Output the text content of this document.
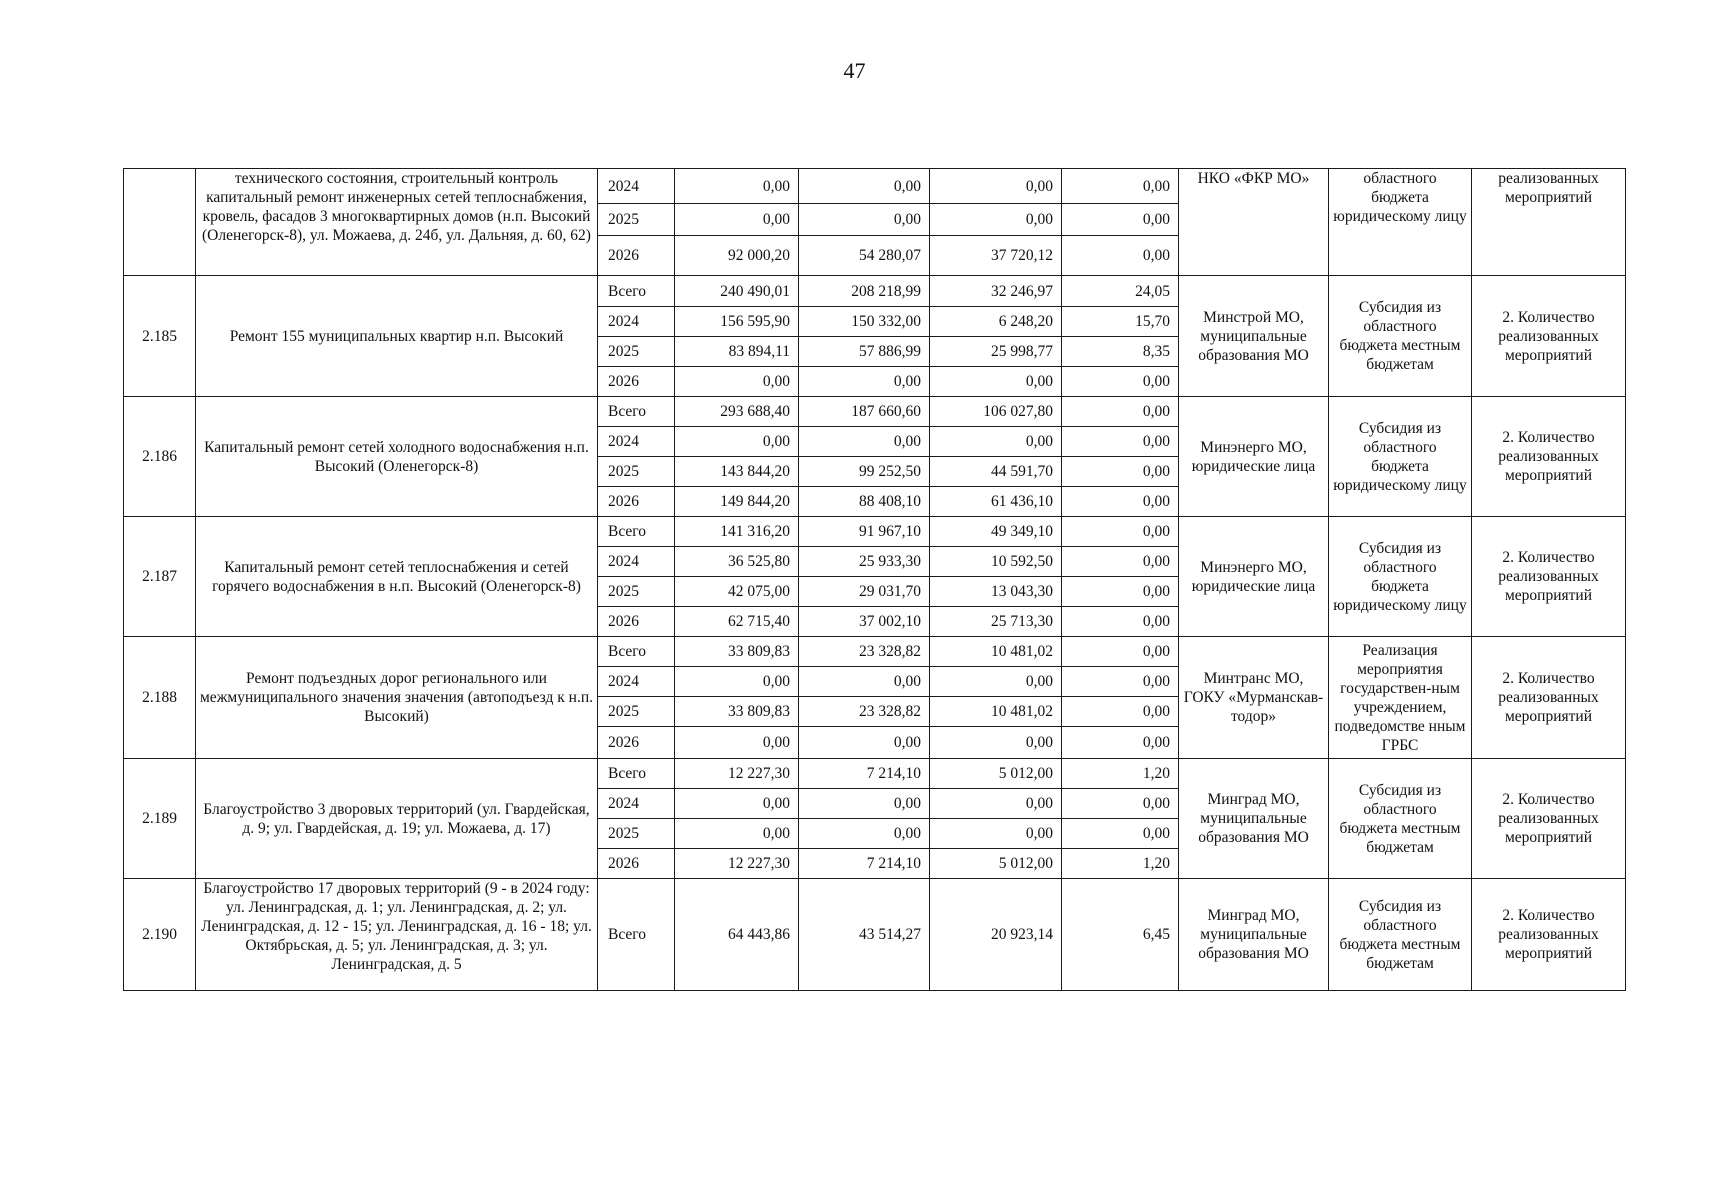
47
	технического состояния, строительный контроль капитальный ремонт инженерных сетей теплоснабжения, кровель, фасадов 3 многоквартирных домов (н.п. Высокий (Оленегорск-8), ул. Можаева, д. 24б, ул. Дальняя, д. 60, 62)	2024	0,00	0,00	0,00	0,00	НКО «ФКР МО»	областного бюджета юридическому лицу	реализованных мероприятий
		2025	0,00	0,00	0,00	0,00			
		2026	92 000,20	54 280,07	37 720,12	0,00			
2.185	Ремонт 155 муниципальных квартир н.п. Высокий	Всего	240 490,01	208 218,99	32 246,97	24,05	Минстрой МО, муниципальные образования МО	Субсидия из областного бюджета местным бюджетам	2. Количество реализованных мероприятий
		2024	156 595,90	150 332,00	6 248,20	15,70			
		2025	83 894,11	57 886,99	25 998,77	8,35			
		2026	0,00	0,00	0,00	0,00			
2.186	Капитальный ремонт сетей холодного водоснабжения н.п. Высокий (Оленегорск-8)	Всего	293 688,40	187 660,60	106 027,80	0,00	Минэнерго МО, юридические лица	Субсидия из областного бюджета юридическому лицу	2. Количество реализованных мероприятий
		2024	0,00	0,00	0,00	0,00			
		2025	143 844,20	99 252,50	44 591,70	0,00			
		2026	149 844,20	88 408,10	61 436,10	0,00			
2.187	Капитальный ремонт сетей теплоснабжения и сетей горячего водоснабжения в н.п. Высокий (Оленегорск-8)	Всего	141 316,20	91 967,10	49 349,10	0,00	Минэнерго МО, юридические лица	Субсидия из областного бюджета юридическому лицу	2. Количество реализованных мероприятий
		2024	36 525,80	25 933,30	10 592,50	0,00			
		2025	42 075,00	29 031,70	13 043,30	0,00			
		2026	62 715,40	37 002,10	25 713,30	0,00			
2.188	Ремонт подъездных дорог регионального или межмуниципального значения значения (автоподъезд к н.п. Высокий)	Всего	33 809,83	23 328,82	10 481,02	0,00	Минтранс МО, ГОКУ «Мурманскав-тодор»	Реализация мероприятия государствен-ным учреждением, подведомстве нным ГРБС	2. Количество реализованных мероприятий
		2024	0,00	0,00	0,00	0,00			
		2025	33 809,83	23 328,82	10 481,02	0,00			
		2026	0,00	0,00	0,00	0,00			
2.189	Благоустройство 3 дворовых территорий (ул. Гвардейская, д. 9; ул. Гвардейская, д. 19; ул. Можаева, д. 17)	Всего	12 227,30	7 214,10	5 012,00	1,20	Минград МО, муниципальные образования МО	Субсидия из областного бюджета местным бюджетам	2. Количество реализованных мероприятий
		2024	0,00	0,00	0,00	0,00			
		2025	0,00	0,00	0,00	0,00			
		2026	12 227,30	7 214,10	5 012,00	1,20			
2.190	Благоустройство 17 дворовых территорий (9 - в 2024 году: ул. Ленинградская, д. 1; ул. Ленинградская, д. 2; ул. Ленинградская, д. 12 - 15; ул. Ленинградская, д. 16 - 18; ул. Октябрьская, д. 5; ул. Ленинградская, д. 3; ул. Ленинградская, д. 5	Всего	64 443,86	43 514,27	20 923,14	6,45	Минград МО, муниципальные образования МО	Субсидия из областного бюджета местным бюджетам	2. Количество реализованных мероприятий
